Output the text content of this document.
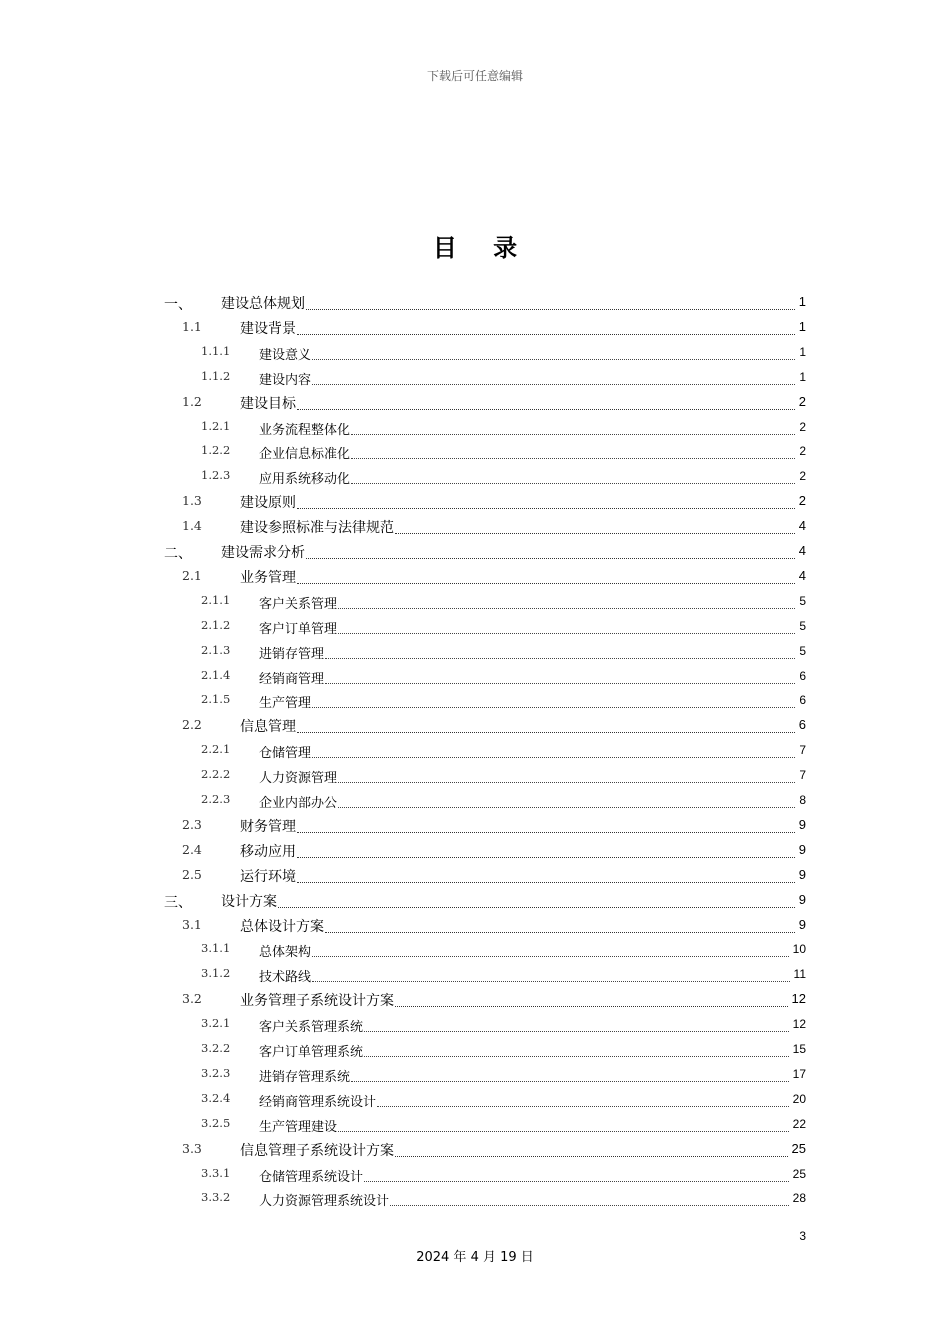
下载后可任意编辑
目 录
一、 建设总体规划	1
1.1	建设背景	1
1.1.1 建设意义	1
1.1.2 建设内容	1
1.2	建设目标	2
1.2.1 业务流程整体化	2
1.2.2 企业信息标准化	2
1.2.3 应用系统移动化	2
1.3	建设原则	2
1.4	建设参照标准与法律规范	4
二、 建设需求分析	4
2.1	业务管理	4
2.1.1 客户关系管理	5
2.1.2 客户订单管理	5
2.1.3 进销存管理	5
2.1.4 经销商管理	6
2.1.5 生产管理	6
2.2	信息管理	6
2.2.1 仓储管理	7
2.2.2 人力资源管理	7
2.2.3 企业内部办公	8
2.3	财务管理	9
2.4	移动应用	9
2.5	运行环境	9
三、 设计方案	9
3.1	总体设计方案	9
3.1.1 总体架构	10
3.1.2 技术路线	11
3.2	业务管理子系统设计方案	12
3.2.1 客户关系管理系统	12
3.2.2 客户订单管理系统	15
3.2.3 进销存管理系统	17
3.2.4 经销商管理系统设计	20
3.2.5 生产管理建设	22
3.3	信息管理子系统设计方案	25
3.3.1 仓储管理系统设计	25
3.3.2 人力资源管理系统设计	28
3
2024 年 4 月 19 日
